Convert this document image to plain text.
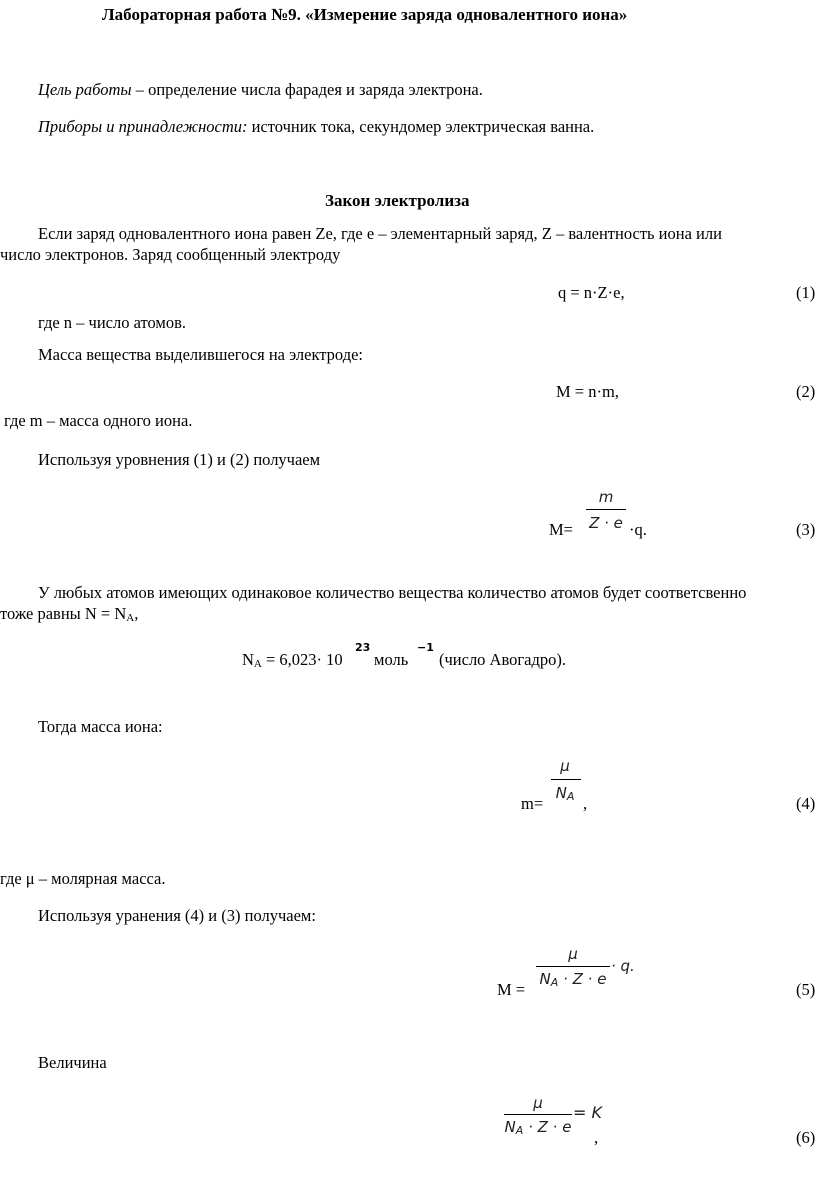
Лабораторная работа №9. «Измерение заряда одновалентного иона»
Цель работы – определение числа фарадея и заряда электрона.
Приборы и принадлежности: источник тока, секундомер электрическая ванна.
Закон электролиза
Если заряд одновалентного иона равен Ze, где e – элементарный заряд, Z – валентность иона или
число электронов. Заряд сообщенный электроду
q = n·Z·e,	(1)
где n – число атомов.
Масса вещества выделившегося на электроде:
M = n·m,	(2)
где m – масса одного иона.
Используя уровнения (1) и (2) получаем
M=
m
Z · e ·q.	(3)
У любых атомов имеющих одинаковое количество вещества количество атомов будет соответсвенно
тоже равны $N = N_A$,
$N_A = 6,023\cdot 10$
23
моль
−1
(число Авогадро).
Тогда масса иона:
m=
μ
$N_A$ ,	(4)
где μ – молярная масса.
Используя уранения (4) и (3) получаем:
M =
μ
$N_A \cdot Z \cdot e$
· q.
(5)
Величина
μ
$N_A \cdot Z \cdot e$
= K
,	(6)
